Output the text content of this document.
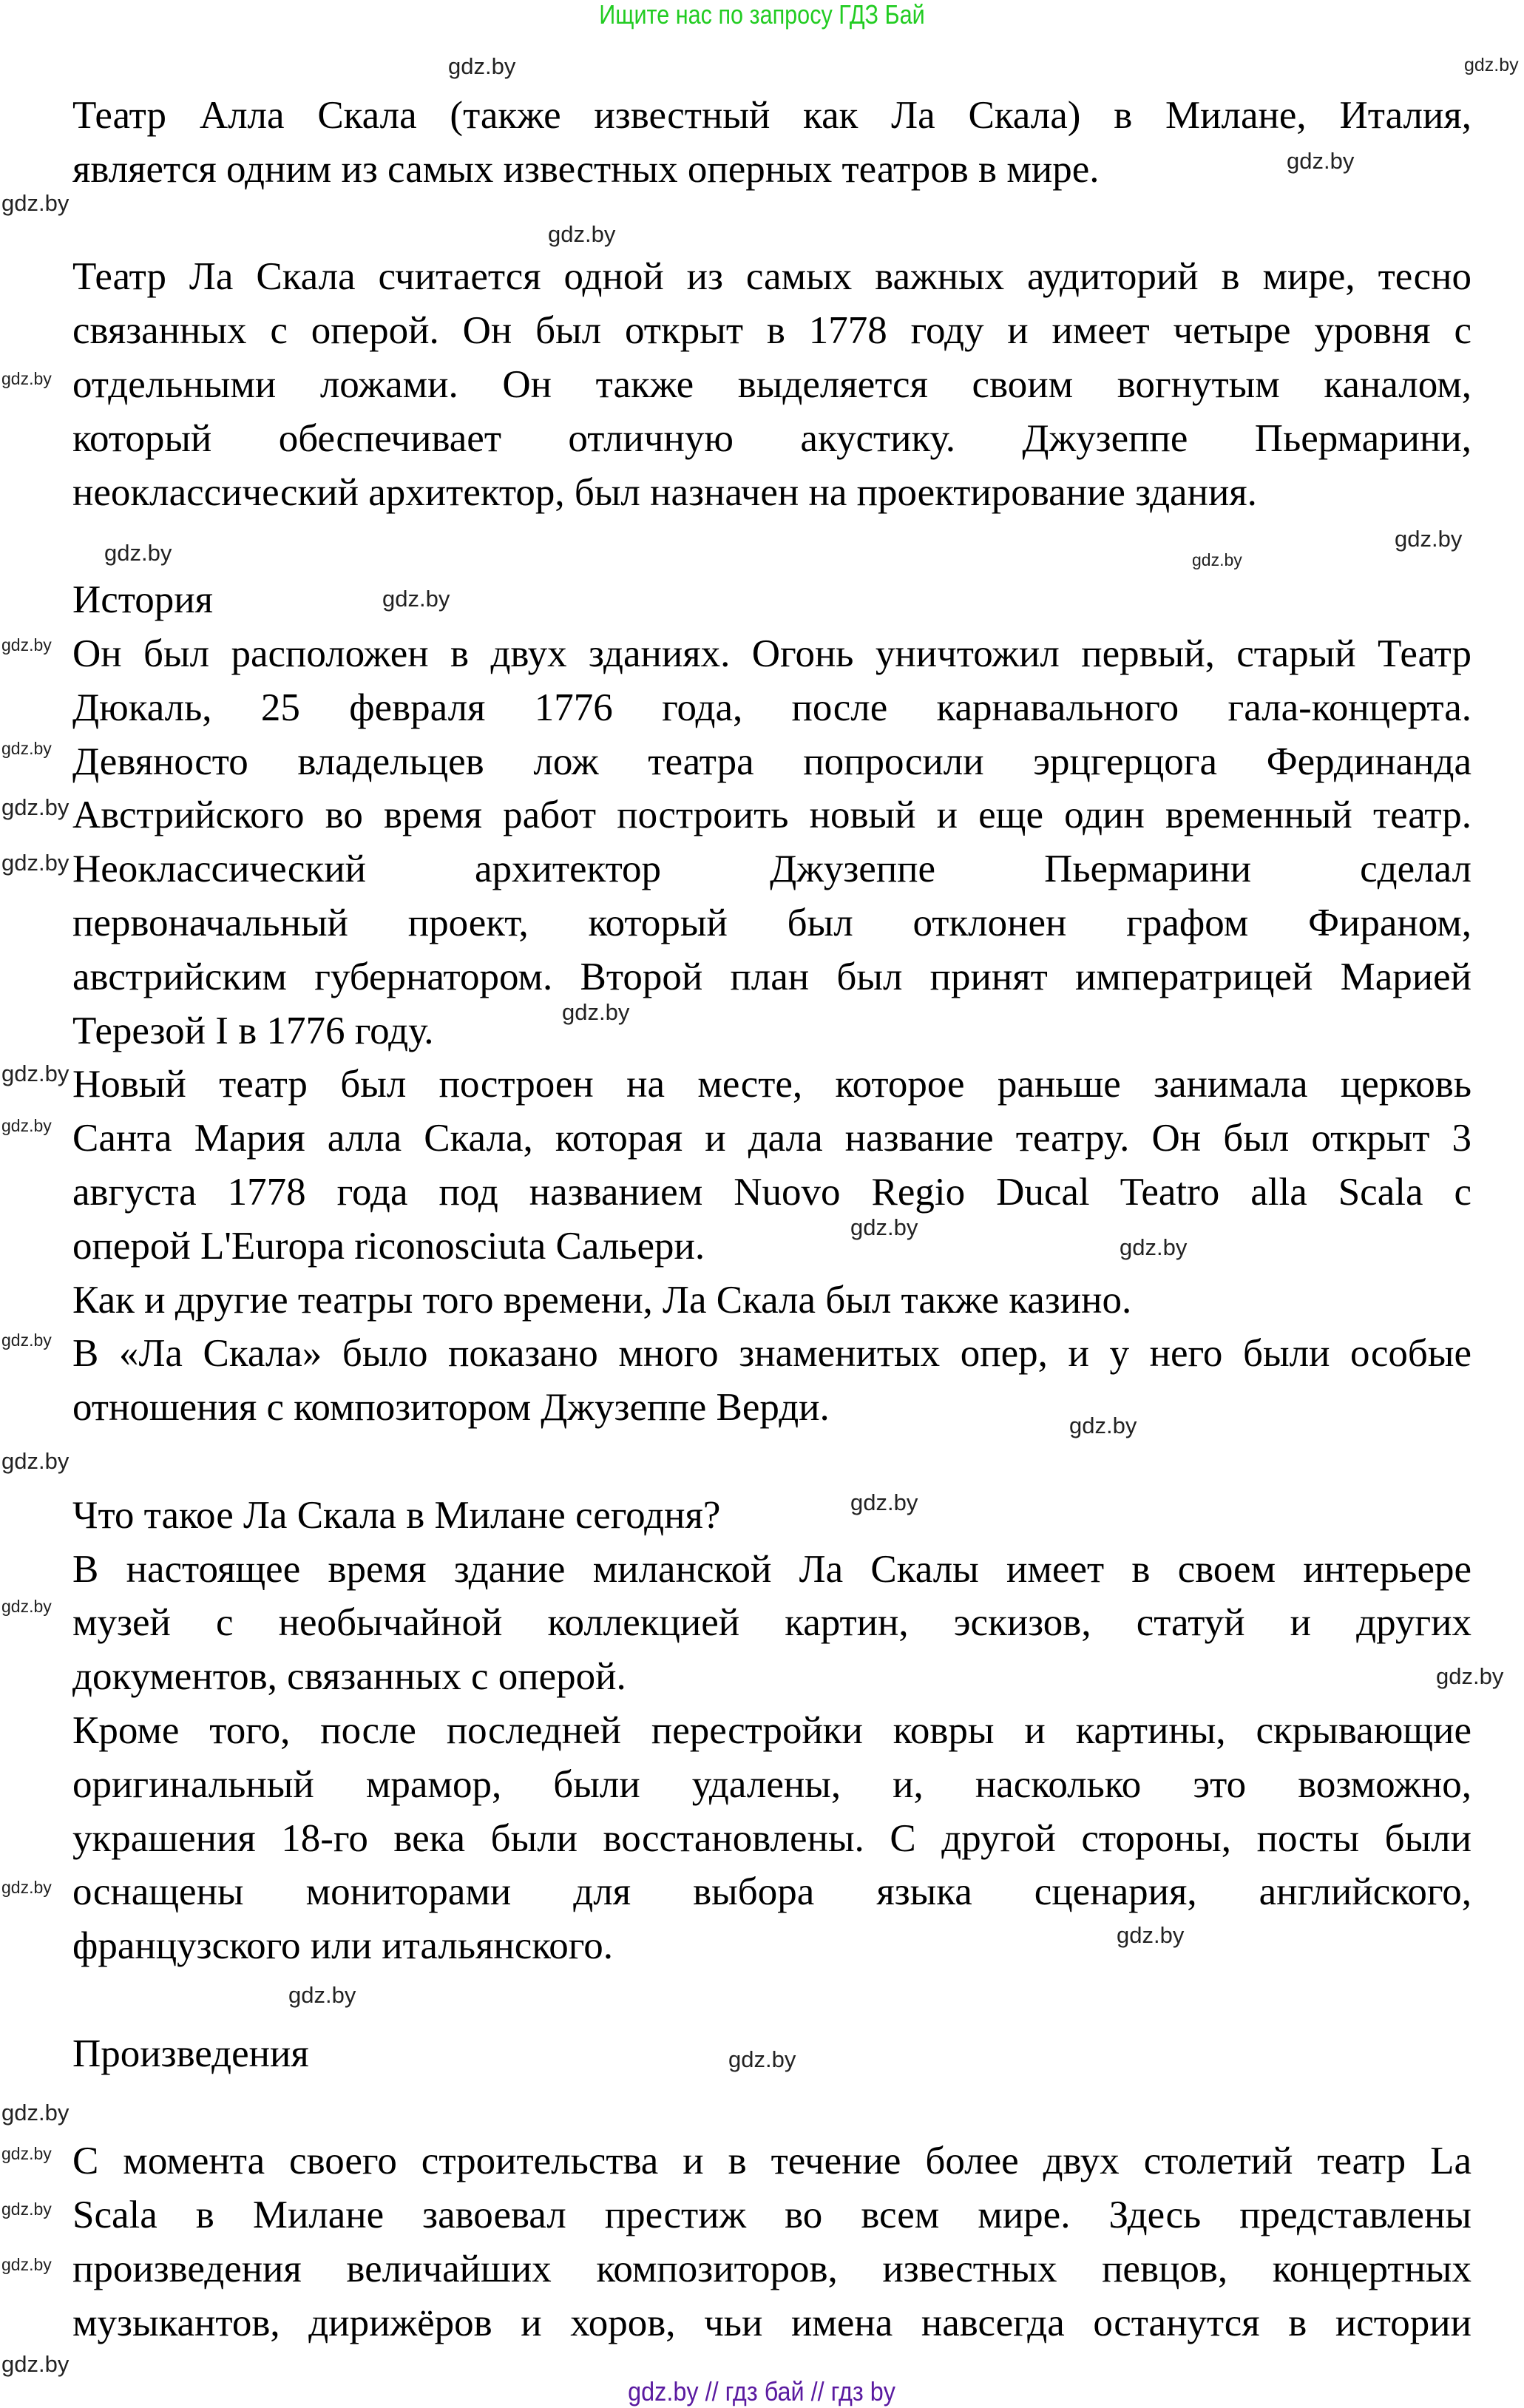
Ищите нас по запросу ГДЗ Бай
Театр Алла Скала (также известный как Ла Скала) в Милане, Италия,
является одним из самых известных оперных театров в мире.
Театр Ла Скала считается одной из самых важных аудиторий в мире, тесно
связанных с оперой. Он был открыт в 1778 году и имеет четыре уровня с
отдельными ложами. Он также выделяется своим вогнутым каналом,
который обеспечивает отличную акустику. Джузеппе Пьермарини,
неоклассический архитектор, был назначен на проектирование здания.
История
Он был расположен в двух зданиях. Огонь уничтожил первый, старый Театр
Дюкаль, 25 февраля 1776 года, после карнавального гала-концерта.
Девяносто владельцев лож театра попросили эрцгерцога Фердинанда
Австрийского во время работ построить новый и еще один временный театр.
Неоклассический архитектор Джузеппе Пьермарини сделал
первоначальный проект, который был отклонен графом Фираном,
австрийским губернатором. Второй план был принят императрицей Марией
Терезой I в 1776 году.
Новый театр был построен на месте, которое раньше занимала церковь
Санта Мария алла Скала, которая и дала название театру. Он был открыт 3
августа 1778 года под названием Nuovo Regio Ducal Teatro alla Scala с
оперой L'Europa riconosciuta Сальери.
Как и другие театры того времени, Ла Скала был также казино.
В «Ла Скала» было показано много знаменитых опер, и у него были особые
отношения с композитором Джузеппе Верди.
Что такое Ла Скала в Милане сегодня?
В настоящее время здание миланской Ла Скалы имеет в своем интерьере
музей с необычайной коллекцией картин, эскизов, статуй и других
документов, связанных с оперой.
Кроме того, после последней перестройки ковры и картины, скрывающие
оригинальный мрамор, были удалены, и, насколько это возможно,
украшения 18-го века были восстановлены. С другой стороны, посты были
оснащены мониторами для выбора языка сценария, английского,
французского или итальянского.
Произведения
С момента своего строительства и в течение более двух столетий театр La
Scala в Милане завоевал престиж во всем мире. Здесь представлены
произведения величайших композиторов, известных певцов, концертных
музыкантов, дирижёров и хоров, чьи имена навсегда останутся в истории
gdz.by	gdz.by
gdz.by
gdz.by
gdz.by
gdz.by
gdz.by
gdz.by
gdz.by
gdz.by
gdz.by
gdz.by
gdz.by
gdz.by
gdz.by
gdz.by
gdz.by
gdz.by
gdz.by
gdz.by
gdz.by
gdz.by
gdz.by
gdz.by
gdz.by
gdz.by
gdz.by
gdz.by
gdz.by
gdz.by
gdz.by
gdz.by
gdz.by
gdz.by
gdz.by // гдз бай // гдз by
